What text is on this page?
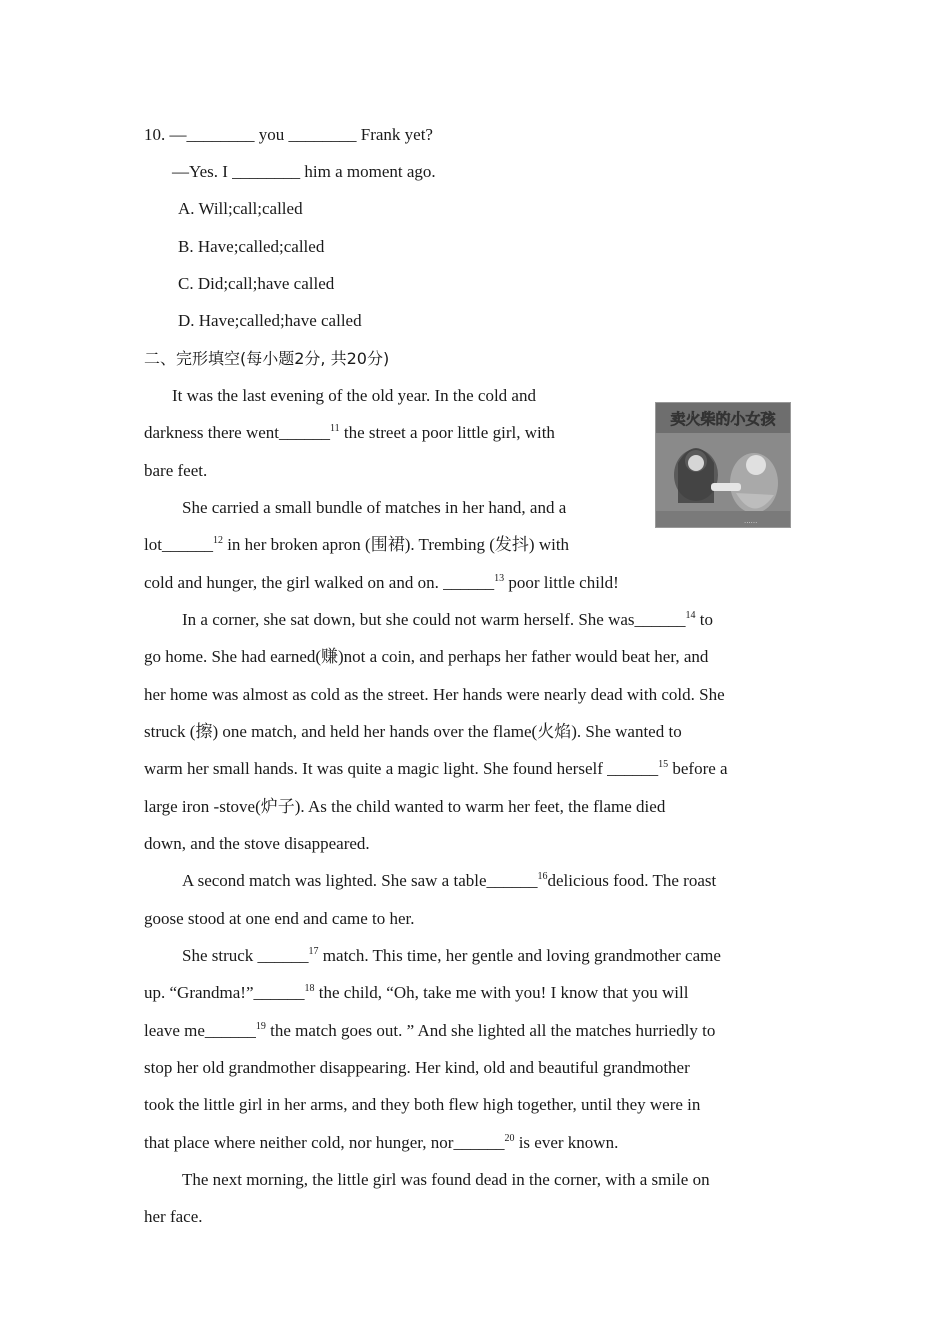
10. —________ you ________ Frank yet?
—Yes. I ________ him a moment ago.
A. Will;call;called
B. Have;called;called
C. Did;call;have called
D. Have;called;have called
二、完形填空(每小题2分, 共20分)
It was the last evening of the old year. In the cold and
darkness there went______$^{11}$ the street a poor little girl, with
bare feet.
She carried a small bundle of matches in her hand, and a
lot______$^{12}$ in her broken apron (围裙). Trembing (发抖) with
cold and hunger, the girl walked on and on. ______$^{13}$ poor little child!
卖火柴的小女孩
......
In a corner, she sat down, but she could not warm herself. She was______$^{14}$ to
go home. She had earned(赚)not a coin, and perhaps her father would beat her, and
her home was almost as cold as the street. Her hands were nearly dead with cold. She
struck (擦) one match, and held her hands over the flame(火焰). She wanted to
warm her small hands. It was quite a magic light. She found herself ______$^{15}$ before a
large iron -stove(炉子). As the child wanted to warm her feet, the flame died
down, and the stove disappeared.
A second match was lighted. She saw a table______$^{16}$delicious food. The roast
goose stood at one end and came to her.
She struck ______$^{17}$ match. This time, her gentle and loving grandmother came
up. “Grandma!”______$^{18}$ the child, “Oh, take me with you! I know that you will
leave me______$^{19}$ the match goes out. ” And she lighted all the matches hurriedly to
stop her old grandmother disappearing. Her kind, old and beautiful grandmother
took the little girl in her arms, and they both flew high together, until they were in
that place where neither cold, nor hunger, nor______$^{20}$ is ever known.
The next morning, the little girl was found dead in the corner, with a smile on
her face.
